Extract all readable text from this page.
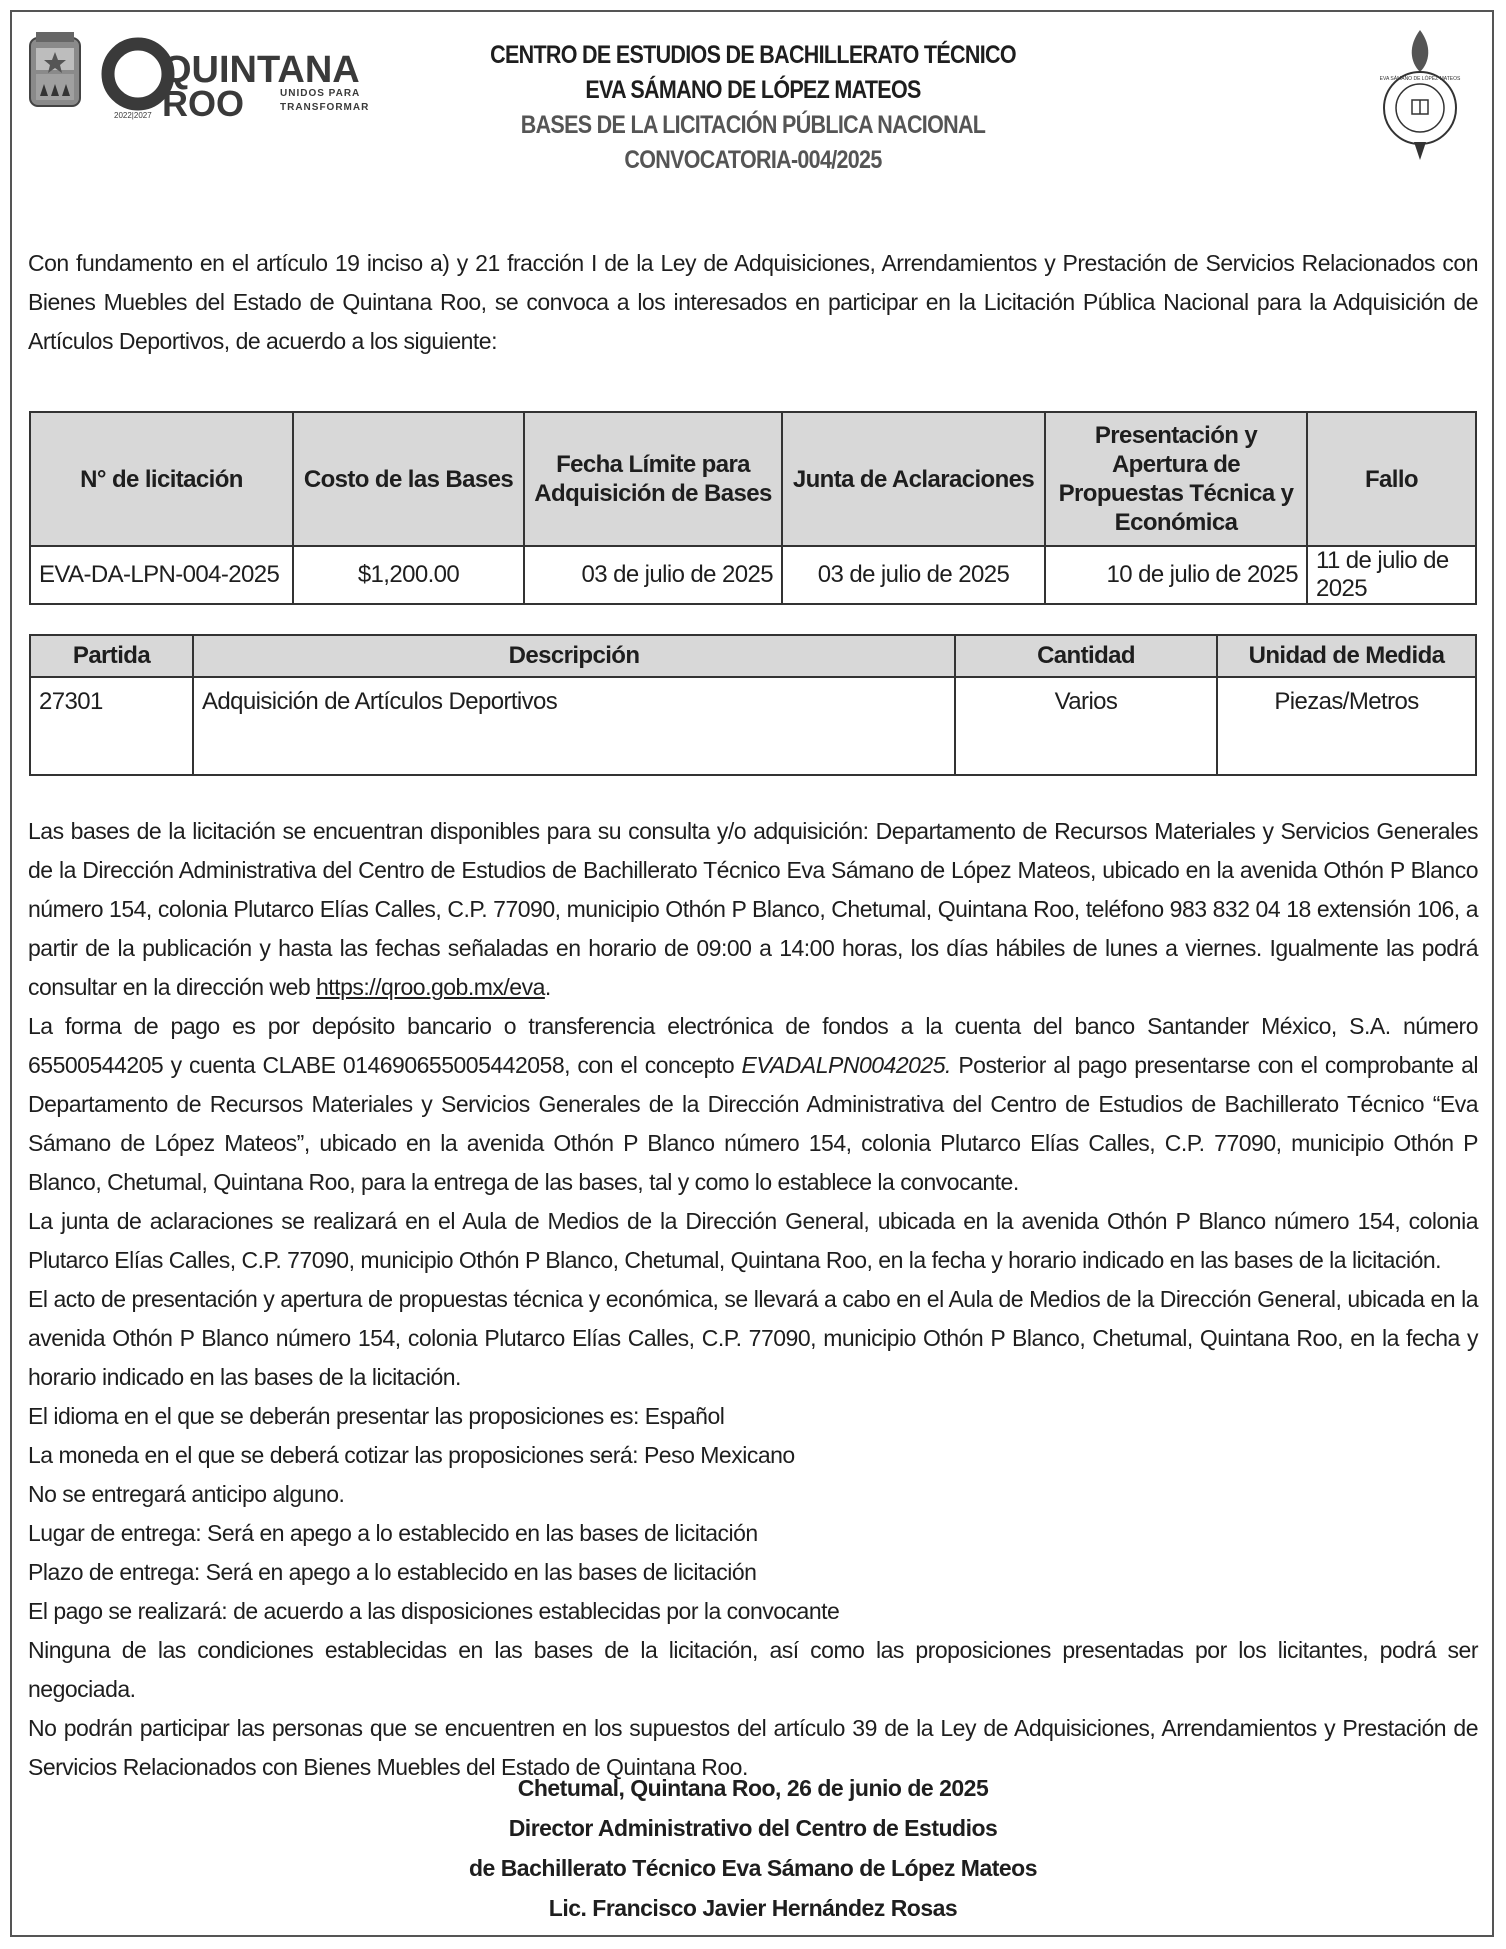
QUINTANA
ROO	UNIDOS PARA
TRANSFORMAR
2022|2027
EVA SÁMANO DE LÓPEZ MATEOS
CENTRO DE ESTUDIOS DE BACHILLERATO TÉCNICO
EVA SÁMANO DE LÓPEZ MATEOS
BASES DE LA LICITACIÓN PÚBLICA NACIONAL
CONVOCATORIA-004/2025
Con fundamento en el artículo 19 inciso a) y 21 fracción I de la Ley de Adquisiciones, Arrendamientos y Prestación de Servicios Relacionados con Bienes Muebles del Estado de Quintana Roo, se convoca a los interesados en participar en la Licitación Pública Nacional para la Adquisición de Artículos Deportivos, de acuerdo a los siguiente:
N° de licitación	Costo de las Bases	Fecha Límite para Adquisición de Bases	Junta de Aclaraciones	Presentación y Apertura de Propuestas Técnica y Económica	Fallo
EVA-DA-LPN-004-2025	$1,200.00	03 de julio de 2025	03 de julio de 2025	10 de julio de 2025	11 de julio de 2025
Partida	Descripción	Cantidad	Unidad de Medida
27301	Adquisición de Artículos Deportivos	Varios	Piezas/Metros

Las bases de la licitación se encuentran disponibles para su consulta y/o adquisición: Departamento de Recursos Materiales y Servicios Generales de la Dirección Administrativa del Centro de Estudios de Bachillerato Técnico Eva Sámano de López Mateos, ubicado en la avenida Othón P Blanco número 154, colonia Plutarco Elías Calles, C.P. 77090, municipio Othón P Blanco, Chetumal, Quintana Roo, teléfono 983 832 04 18 extensión 106, a partir de la publicación y hasta las fechas señaladas en horario de 09:00 a 14:00 horas, los días hábiles de lunes a viernes. Igualmente las podrá consultar en la dirección web https://qroo.gob.mx/eva.

La forma de pago es por depósito bancario o transferencia electrónica de fondos a la cuenta del banco Santander México, S.A. número 65500544205 y cuenta CLABE 014690655005442058, con el concepto EVADALPN0042025. Posterior al pago presentarse con el comprobante al Departamento de Recursos Materiales y Servicios Generales de la Dirección Administrativa del Centro de Estudios de Bachillerato Técnico “Eva Sámano de López Mateos”, ubicado en la avenida Othón P Blanco número 154, colonia Plutarco Elías Calles, C.P. 77090, municipio Othón P Blanco, Chetumal, Quintana Roo, para la entrega de las bases, tal y como lo establece la convocante.

La junta de aclaraciones se realizará en el Aula de Medios de la Dirección General, ubicada en la avenida Othón P Blanco número 154, colonia Plutarco Elías Calles, C.P. 77090, municipio Othón P Blanco, Chetumal, Quintana Roo, en la fecha y horario indicado en las bases de la licitación.

El acto de presentación y apertura de propuestas técnica y económica, se llevará a cabo en el Aula de Medios de la Dirección General, ubicada en la avenida Othón P Blanco número 154, colonia Plutarco Elías Calles, C.P. 77090, municipio Othón P Blanco, Chetumal, Quintana Roo, en la fecha y horario indicado en las bases de la licitación.

El idioma en el que se deberán presentar las proposiciones es: Español

La moneda en el que se deberá cotizar las proposiciones será: Peso Mexicano

No se entregará anticipo alguno.

Lugar de entrega: Será en apego a lo establecido en las bases de licitación

Plazo de entrega: Será en apego a lo establecido en las bases de licitación

El pago se realizará: de acuerdo a las disposiciones establecidas por la convocante

Ninguna de las condiciones establecidas en las bases de la licitación, así como las proposiciones presentadas por los licitantes, podrá ser negociada.

No podrán participar las personas que se encuentren en los supuestos del artículo 39 de la Ley de Adquisiciones, Arrendamientos y Prestación de Servicios Relacionados con Bienes Muebles del Estado de Quintana Roo.

Chetumal, Quintana Roo, 26 de junio de 2025
Director Administrativo del Centro de Estudios
de Bachillerato Técnico Eva Sámano de López Mateos
Lic. Francisco Javier Hernández Rosas
